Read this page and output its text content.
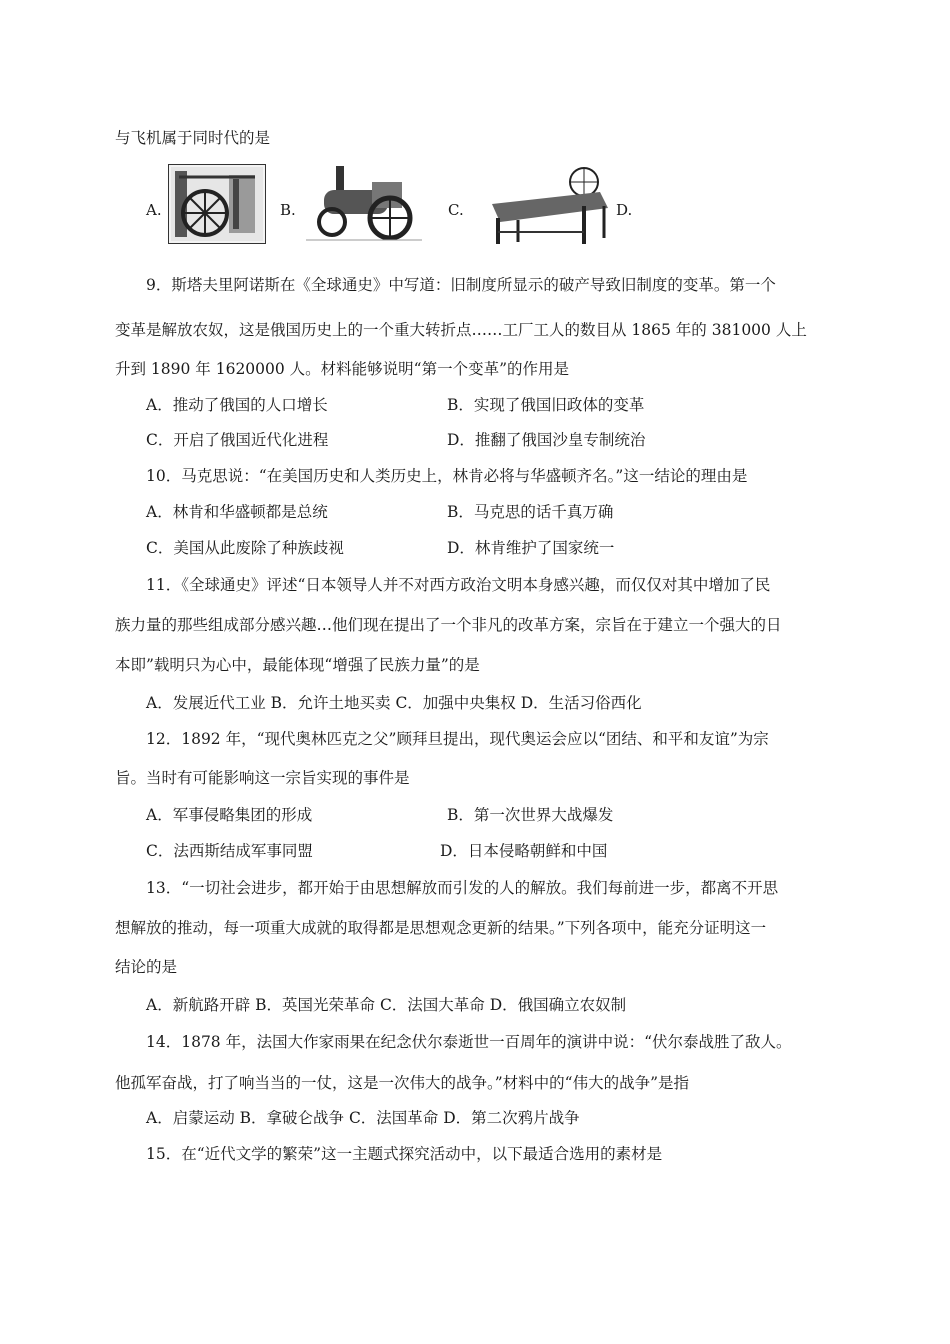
与飞机属于同时代的是
A.	B.	C.	D.
9．斯塔夫里阿诺斯在《全球通史》中写道：旧制度所显示的破产导致旧制度的变革。第一个
变革是解放农奴，这是俄国历史上的一个重大转折点……工厂工人的数目从 1865 年的 381000 人上
升到 1890 年 1620000 人。材料能够说明“第一个变革”的作用是
A．推动了俄国的人口增长	B．实现了俄国旧政体的变革
C．开启了俄国近代化进程	D．推翻了俄国沙皇专制统治
10．马克思说：“在美国历史和人类历史上，林肯必将与华盛顿齐名。”这一结论的理由是
A．林肯和华盛顿都是总统	B．马克思的话千真万确
C．美国从此废除了种族歧视	D．林肯维护了国家统一
11．《全球通史》评述“日本领导人并不对西方政治文明本身感兴趣，而仅仅对其中增加了民
族力量的那些组成部分感兴趣…他们现在提出了一个非凡的改革方案，宗旨在于建立一个强大的日
本即”载明只为心中，最能体现“增强了民族力量”的是
A．发展近代工业 B．允许土地买卖 C．加强中央集权 D．生活习俗西化
12．1892 年，“现代奥林匹克之父”顾拜旦提出，现代奥运会应以“团结、和平和友谊”为宗
旨。当时有可能影响这一宗旨实现的事件是
A．军事侵略集团的形成	B．第一次世界大战爆发
C．法西斯结成军事同盟	D．日本侵略朝鲜和中国
13．“一切社会进步，都开始于由思想解放而引发的人的解放。我们每前进一步，都离不开思
想解放的推动，每一项重大成就的取得都是思想观念更新的结果。”下列各项中，能充分证明这一
结论的是
A．新航路开辟 B．英国光荣革命 C．法国大革命 D．俄国确立农奴制
14．1878 年，法国大作家雨果在纪念伏尔泰逝世一百周年的演讲中说：“伏尔泰战胜了敌人。
他孤军奋战，打了响当当的一仗，这是一次伟大的战争。”材料中的“伟大的战争”是指
A．启蒙运动 B．拿破仑战争 C．法国革命 D．第二次鸦片战争
15．在“近代文学的繁荣”这一主题式探究活动中，以下最适合选用的素材是
